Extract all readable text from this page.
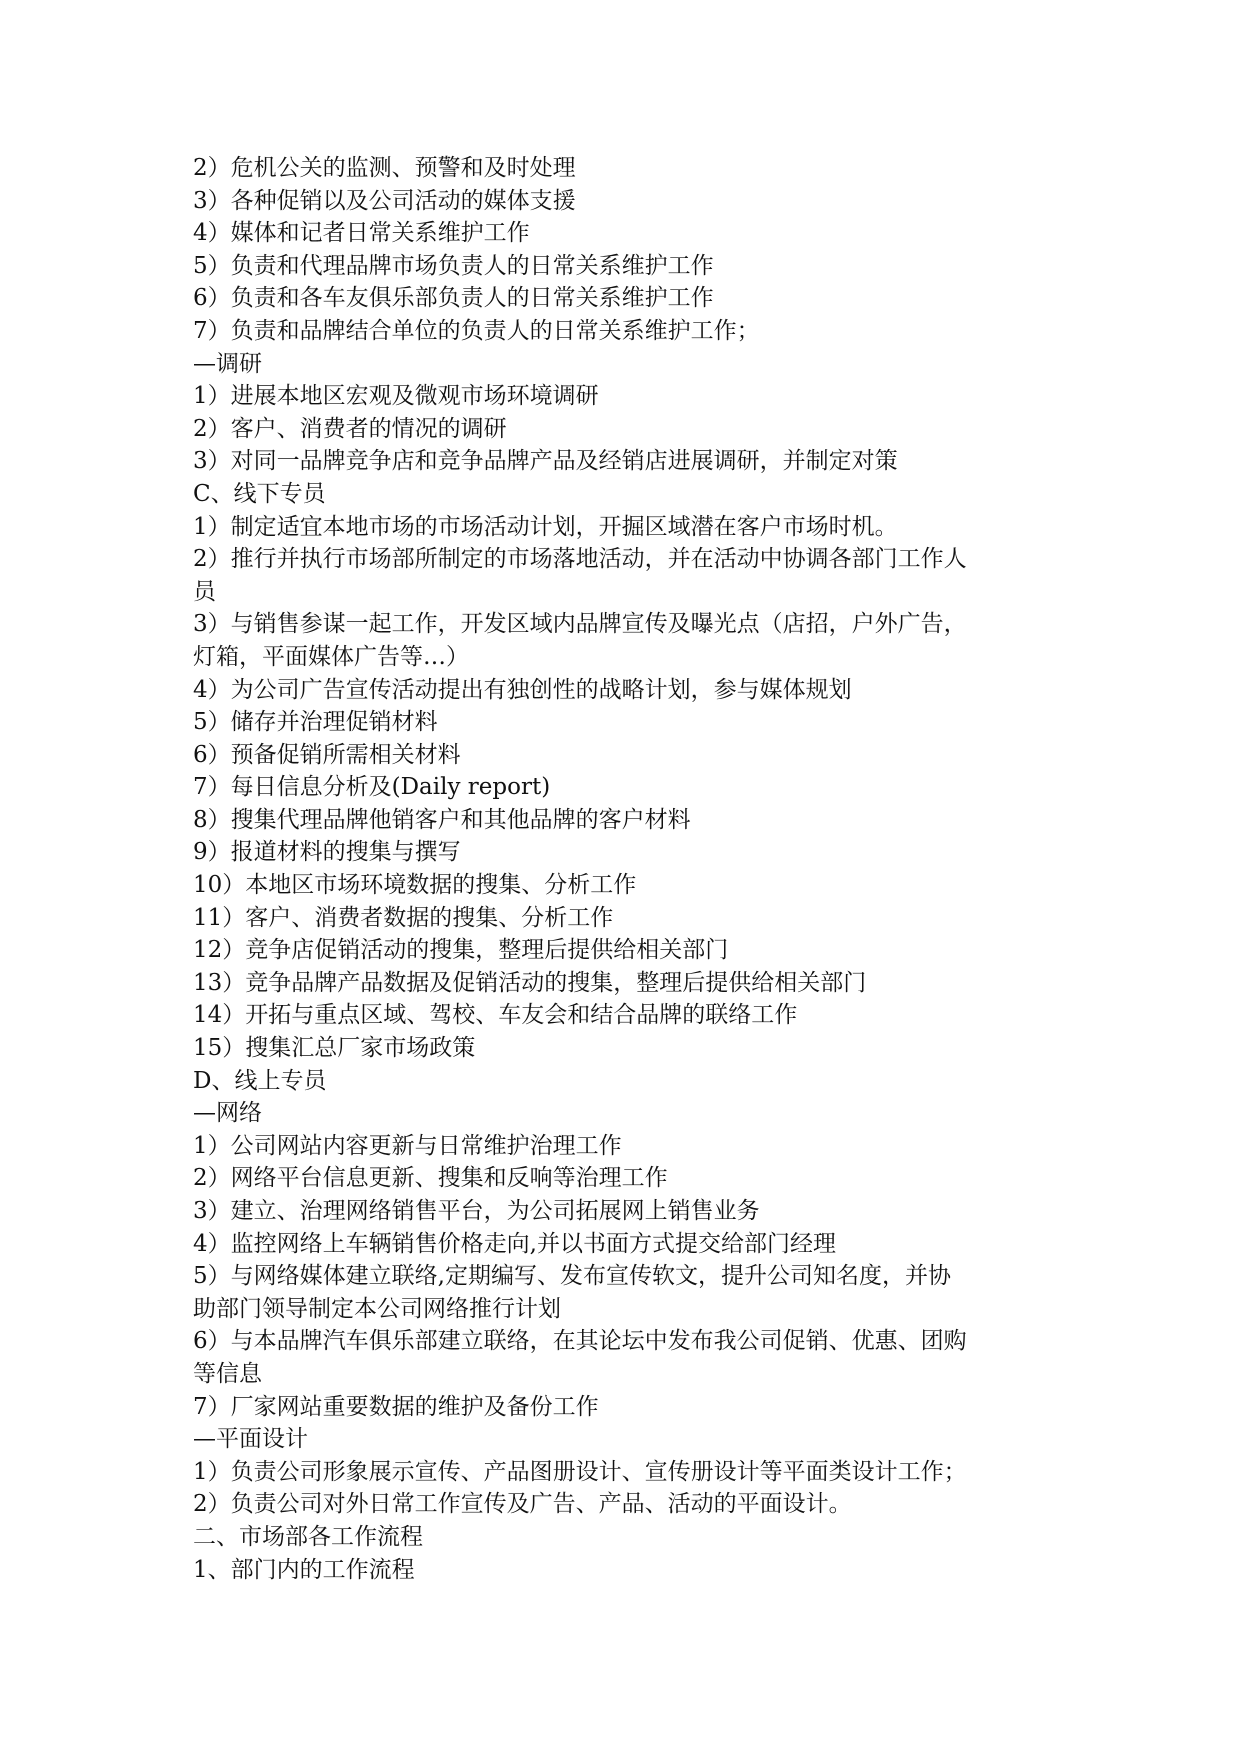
2）危机公关的监测、预警和及时处理
3）各种促销以及公司活动的媒体支援
4）媒体和记者日常关系维护工作
5）负责和代理品牌市场负责人的日常关系维护工作
6）负责和各车友俱乐部负责人的日常关系维护工作
7）负责和品牌结合单位的负责人的日常关系维护工作；
—调研
1）进展本地区宏观及微观市场环境调研
2）客户、消费者的情况的调研
3）对同一品牌竞争店和竞争品牌产品及经销店进展调研，并制定对策
C、线下专员
1）制定适宜本地市场的市场活动计划，开掘区域潜在客户市场时机。
2）推行并执行市场部所制定的市场落地活动，并在活动中协调各部门工作人
员
3）与销售参谋一起工作，开发区域内品牌宣传及曝光点（店招，户外广告，
灯箱，平面媒体广告等…）
4）为公司广告宣传活动提出有独创性的战略计划，参与媒体规划
5）储存并治理促销材料
6）预备促销所需相关材料
7）每日信息分析及(Daily report)
8）搜集代理品牌他销客户和其他品牌的客户材料
9）报道材料的搜集与撰写
10）本地区市场环境数据的搜集、分析工作
11）客户、消费者数据的搜集、分析工作
12）竞争店促销活动的搜集，整理后提供给相关部门
13）竞争品牌产品数据及促销活动的搜集，整理后提供给相关部门
14）开拓与重点区域、驾校、车友会和结合品牌的联络工作
15）搜集汇总厂家市场政策
D、线上专员
—网络
1）公司网站内容更新与日常维护治理工作
2）网络平台信息更新、搜集和反响等治理工作
3）建立、治理网络销售平台，为公司拓展网上销售业务
4）监控网络上车辆销售价格走向,并以书面方式提交给部门经理
5）与网络媒体建立联络,定期编写、发布宣传软文，提升公司知名度，并协
助部门领导制定本公司网络推行计划
6）与本品牌汽车俱乐部建立联络，在其论坛中发布我公司促销、优惠、团购
等信息
7）厂家网站重要数据的维护及备份工作
—平面设计
1）负责公司形象展示宣传、产品图册设计、宣传册设计等平面类设计工作；
2）负责公司对外日常工作宣传及广告、产品、活动的平面设计。
二、市场部各工作流程
1、部门内的工作流程
